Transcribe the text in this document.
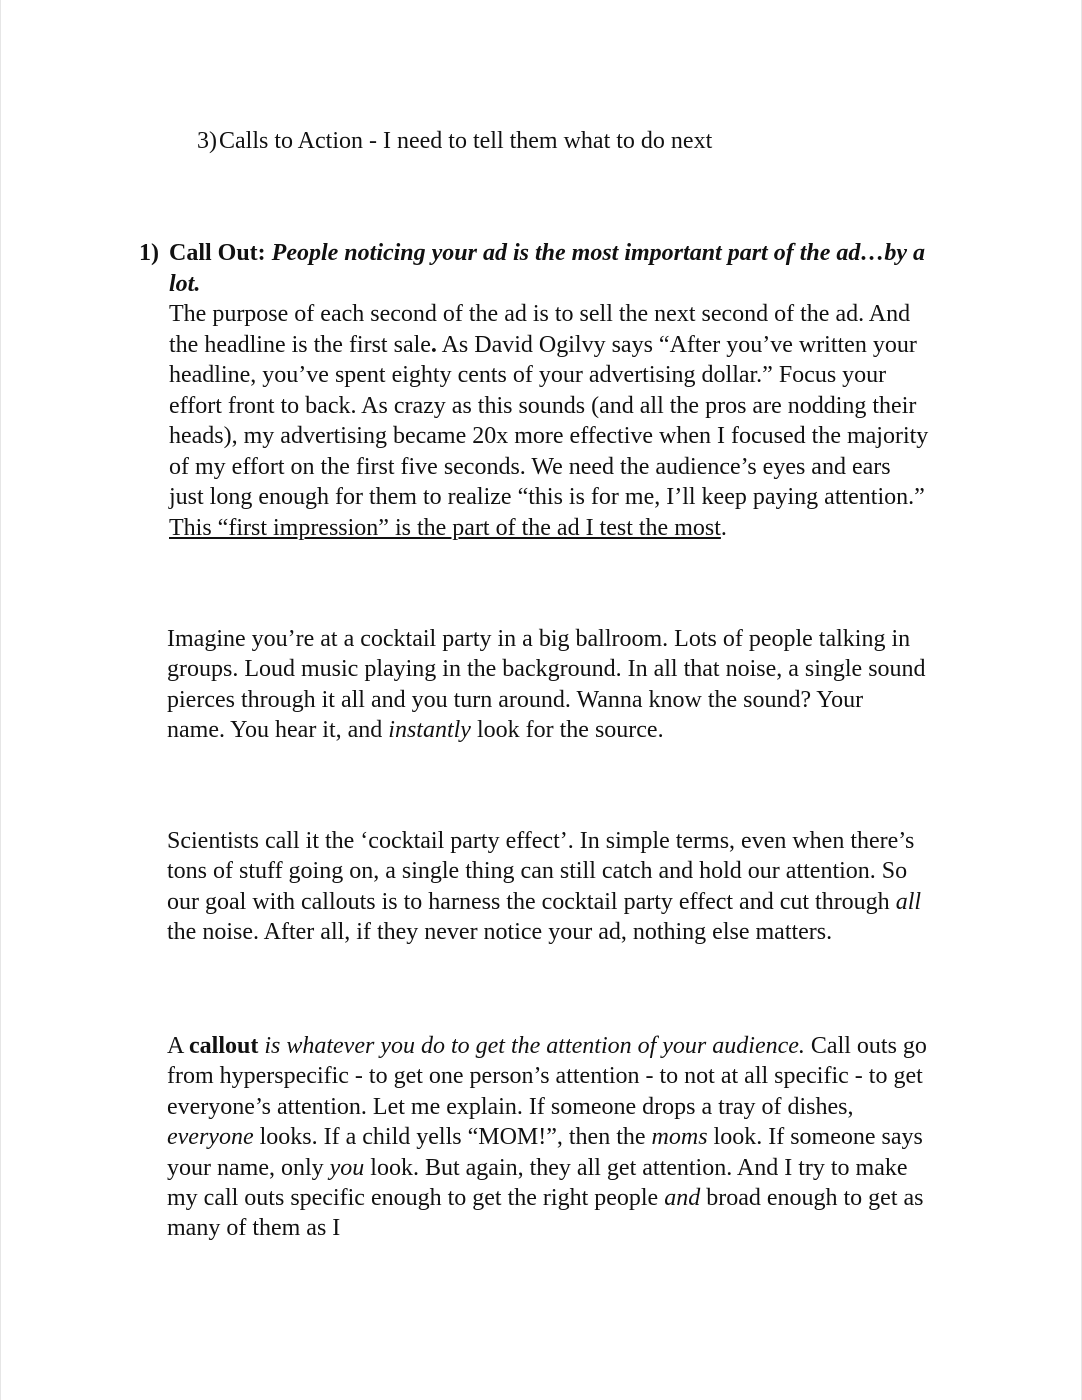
3)Calls to Action - I need to tell them what to do next
1) Call Out: People noticing your ad is the most important part of the ad…by a lot.
The purpose of each second of the ad is to sell the next second of the ad. And the headline is the first sale. As David Ogilvy says “After you’ve written your headline, you’ve spent eighty cents of your advertising dollar.” Focus your effort front to back. As crazy as this sounds (and all the pros are nodding their heads), my advertising became 20x more effective when I focused the majority of my effort on the first five seconds. We need the audience’s eyes and ears just long enough for them to realize “this is for me, I’ll keep paying attention.” This “first impression” is the part of the ad I test the most.
Imagine you’re at a cocktail party in a big ballroom. Lots of people talking in groups. Loud music playing in the background. In all that noise, a single sound pierces through it all and you turn around. Wanna know the sound? Your name. You hear it, and instantly look for the source.
Scientists call it the ‘cocktail party effect’. In simple terms, even when there’s tons of stuff going on, a single thing can still catch and hold our attention. So our goal with callouts is to harness the cocktail party effect and cut through all the noise. After all, if they never notice your ad, nothing else matters.
A callout is whatever you do to get the attention of your audience. Call outs go from hyperspecific - to get one person’s attention - to not at all specific - to get everyone’s attention. Let me explain. If someone drops a tray of dishes, everyone looks. If a child yells “MOM!”, then the moms look. If someone says your name, only you look. But again, they all get attention. And I try to make my call outs specific enough to get the right people and broad enough to get as many of them as I
